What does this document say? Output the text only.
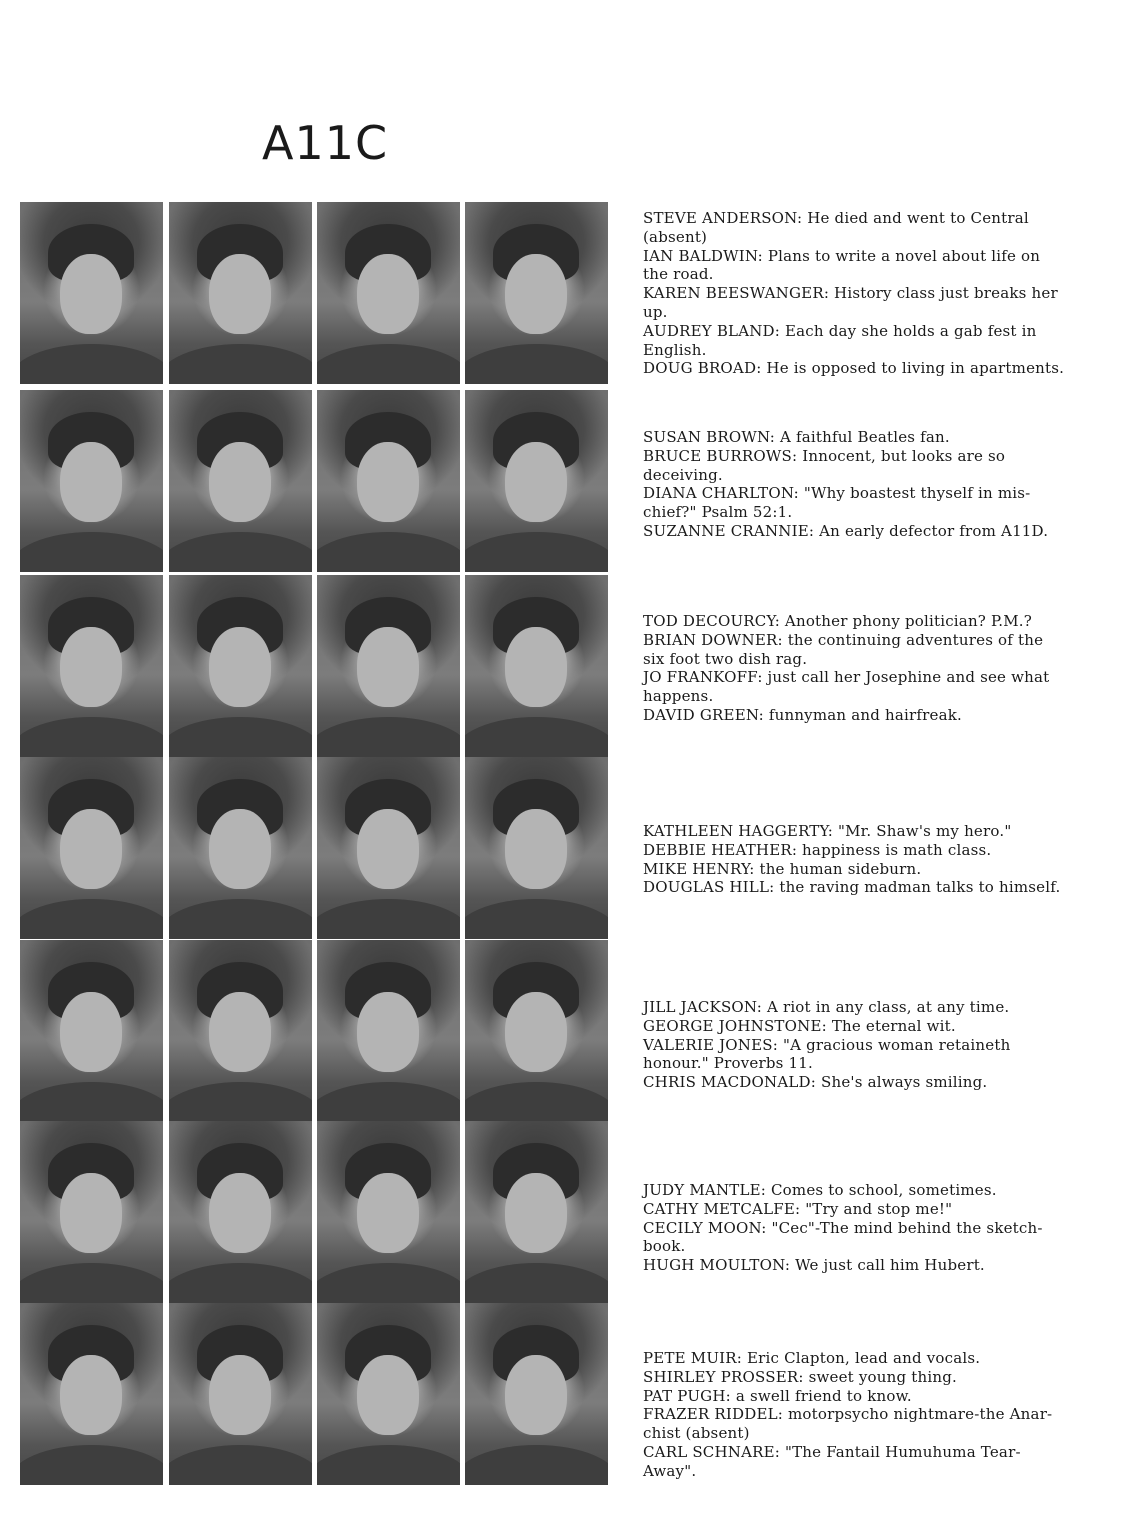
A11C
STEVE ANDERSON: He died and went to Central
(absent)
IAN BALDWIN: Plans to write a novel about life on
the road.
KAREN BEESWANGER: History class just breaks her
up.
AUDREY BLAND: Each day she holds a gab fest in
English.
DOUG BROAD: He is opposed to living in apartments.
SUSAN BROWN: A faithful Beatles fan.
BRUCE BURROWS: Innocent, but looks are so
deceiving.
DIANA CHARLTON: "Why boastest thyself in mis-
chief?" Psalm 52:1.
SUZANNE CRANNIE: An early defector from A11D.
TOD DECOURCY: Another phony politician? P.M.?
BRIAN DOWNER: the continuing adventures of the
six foot two dish rag.
JO FRANKOFF: just call her Josephine and see what
happens.
DAVID GREEN: funnyman and hairfreak.
KATHLEEN HAGGERTY: "Mr. Shaw's my hero."
DEBBIE HEATHER: happiness is math class.
MIKE HENRY: the human sideburn.
DOUGLAS HILL: the raving madman talks to himself.
JILL JACKSON: A riot in any class, at any time.
GEORGE JOHNSTONE: The eternal wit.
VALERIE JONES: "A gracious woman retaineth
honour." Proverbs 11.
CHRIS MACDONALD: She's always smiling.
JUDY MANTLE: Comes to school, sometimes.
CATHY METCALFE: "Try and stop me!"
CECILY MOON: "Cec"-The mind behind the sketch-
book.
HUGH MOULTON: We just call him Hubert.
PETE MUIR: Eric Clapton, lead and vocals.
SHIRLEY PROSSER: sweet young thing.
PAT PUGH: a swell friend to know.
FRAZER RIDDEL: motorpsycho nightmare-the Anar-
chist (absent)
CARL SCHNARE: "The Fantail Humuhuma Tear-
Away".
